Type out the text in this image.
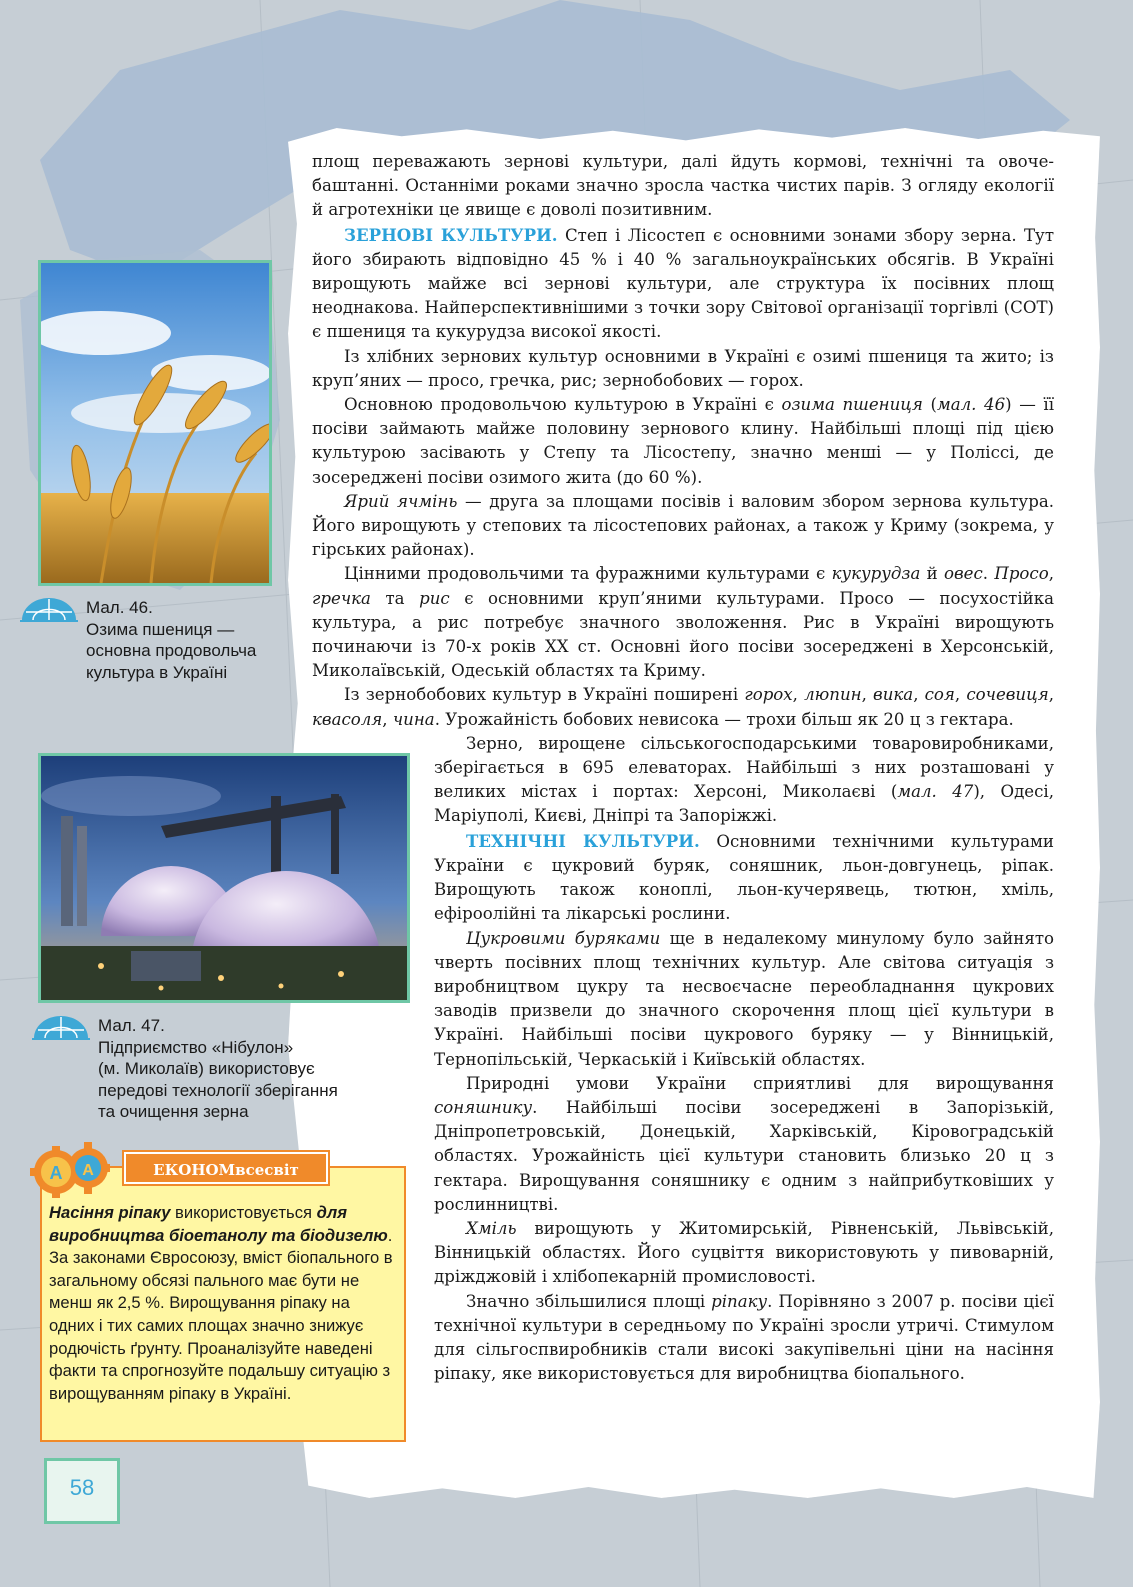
площ переважають зернові культури, далі йдуть кормові, технічні та овоче-баштанні. Останніми роками значно зросла частка чистих парів. З огляду екології й агротехніки це явище є доволі позитивним.

ЗЕРНОВІ КУЛЬТУРИ. Степ і Лісостеп є основними зонами збору зерна. Тут його збирають відповідно 45 % і 40 % загальноукраїнських обсягів. В Україні вирощують майже всі зернові культури, але структура їх посівних площ неоднакова. Найперспективнішими з точки зору Світової організації торгівлі (СОТ) є пшениця та кукурудза високої якості.

Із хлібних зернових культур основними в Україні є озимі пшениця та жито; із круп’яних — просо, гречка, рис; зернобобових — горох.

Основною продовольчою культурою в Україні є озима пшениця (мал. 46) — її посіви займають майже половину зернового клину. Найбільші площі під цією культурою засівають у Степу та Лісостепу, значно менші — у Поліссі, де зосереджені посіви озимого жита (до 60 %).

Ярий ячмінь — друга за площами посівів і валовим збором зернова культура. Його вирощують у степових та лісостепових районах, а також у Криму (зокрема, у гірських районах).

Цінними продовольчими та фуражними культурами є кукурудза й овес. Просо, гречка та рис є основними круп’яними культурами. Просо — посухостійка культура, а рис потребує значного зволоження. Рис в Україні вирощують починаючи із 70-х років ХХ ст. Основні його посіви зосереджені в Херсонській, Миколаївській, Одеській областях та Криму.

Із зернобобових культур в Україні поширені горох, люпин, вика, соя, сочевиця, квасоля, чина. Урожайність бобових невисока — трохи більш як 20 ц з гектара.

Зерно, вирощене сільськогосподарськими товаровиробниками, зберігається в 695 елеваторах. Найбільші з них розташовані у великих містах і портах: Херсоні, Миколаєві (мал. 47), Одесі, Маріуполі, Києві, Дніпрі та Запоріжжі.

ТЕХНІЧНІ КУЛЬТУРИ. Основними технічними культурами України є цукровий буряк, соняшник, льон-довгунець, ріпак. Вирощують також коноплі, льон-кучерявець, тютюн, хміль, ефіроолійні та лікарські рослини.

Цукровими буряками ще в недалекому минулому було зайнято чверть посівних площ технічних культур. Але світова ситуація з виробництвом цукру та несвоєчасне переобладнання цукрових заводів призвели до значного скорочення площ цієї культури в Україні. Найбільші посіви цукрового буряку — у Вінницькій, Тернопільській, Черкаській і Київській областях.

Природні умови України сприятливі для вирощування соняшнику. Найбільші посіви зосереджені в Запорізькій, Дніпропетровській, Донецькій, Харківській, Кіровоградській областях. Урожайність цієї культури становить близько 20 ц з гектара. Вирощування соняшнику є одним з найприбутковіших у рослинництві.

Хміль вирощують у Житомирській, Рівненській, Львівській, Вінницькій областях. Його суцвіття використовують у пивоварній, дріжджовій і хлібопекарній промисловості.

Значно збільшилися площі ріпаку. Порівняно з 2007 р. посіви цієї технічної культури в середньому по Україні зросли утричі. Стимулом для сільгоспвиробників стали високі закупівельні ціни на насіння ріпаку, яке використовується для виробництва біопального.

Мал. 46.
Озима пшениця —
основна продовольча
культура в Україні
Мал. 47.
Підприємство «Нібулон»
(м. Миколаїв) використовує
передові технології зберігання
та очищення зерна
Насіння ріпаку використовується для виробництва біоетанолу та біодизелю. За законами Євросоюзу, вміст біопального в загальному обсязі пального має бути не менш як 2,5 %. Вирощування ріпаку на одних і тих самих площах значно знижує родючість ґрунту. Проаналізуйте наведені факти та спрогнозуйте подальшу ситуацію з вирощуванням ріпаку в Україні.
ЕКОНОМвсесвіт
A A
58
